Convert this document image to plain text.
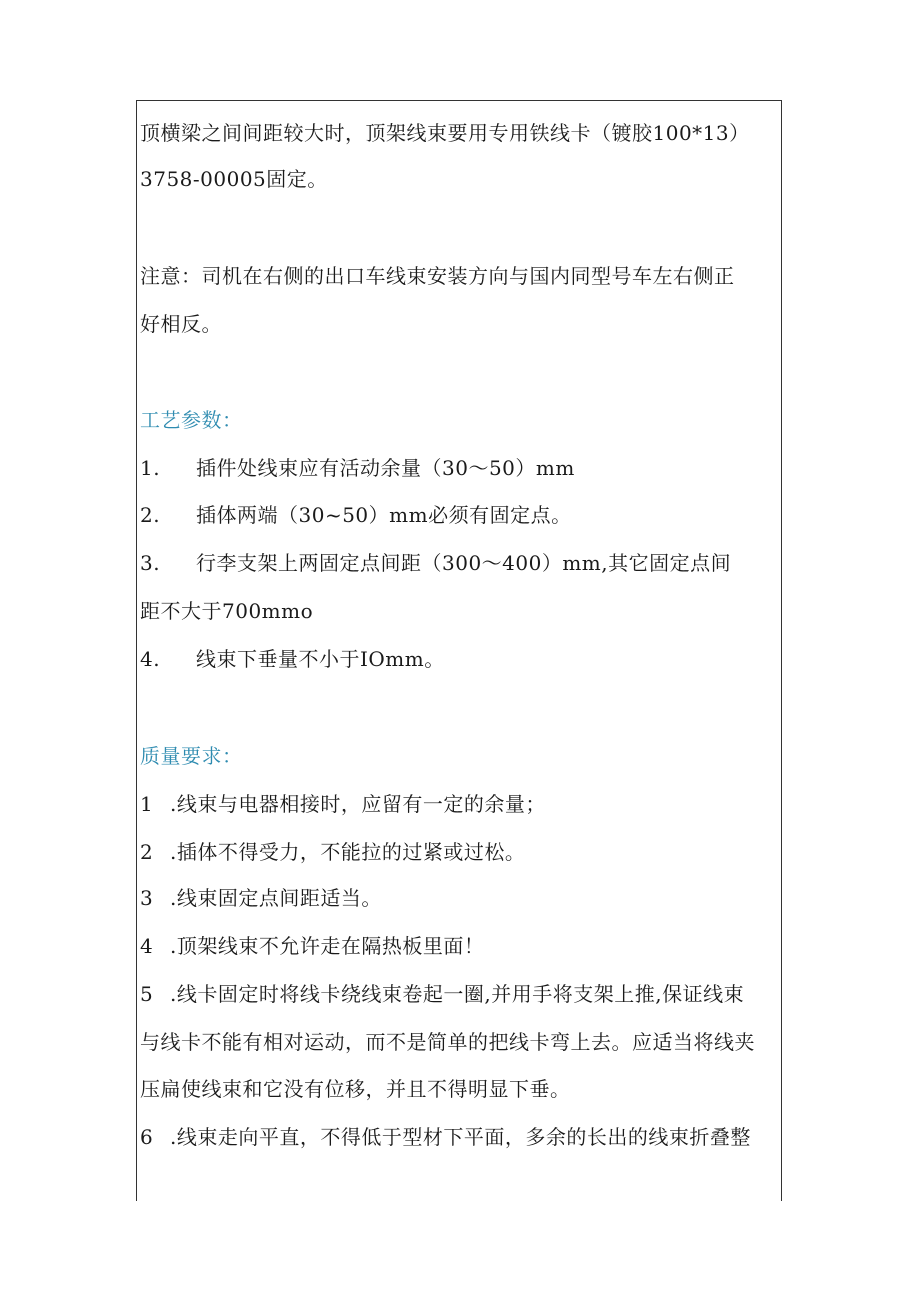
顶横梁之间间距较大时，顶架线束要用专用铁线卡（镀胶100*13）
3758-00005固定。
注意：司机在右侧的出口车线束安装方向与国内同型号车左右侧正
好相反。
工艺参数：
1. 插件处线束应有活动余量（30～50）mm
2. 插体两端（30~50）mm必须有固定点。
3. 行李支架上两固定点间距（300～400）mm,其它固定点间
距不大于700mmo
4. 线束下垂量不小于IOmm。
质量要求：
1 .线束与电器相接时，应留有一定的余量；
2 .插体不得受力，不能拉的过紧或过松。
3 .线束固定点间距适当。
4 .顶架线束不允许走在隔热板里面！
5 .线卡固定时将线卡绕线束卷起一圈,并用手将支架上推,保证线束
与线卡不能有相对运动，而不是简单的把线卡弯上去。应适当将线夹
压扁使线束和它没有位移，并且不得明显下垂。
6 .线束走向平直，不得低于型材下平面，多余的长出的线束折叠整
